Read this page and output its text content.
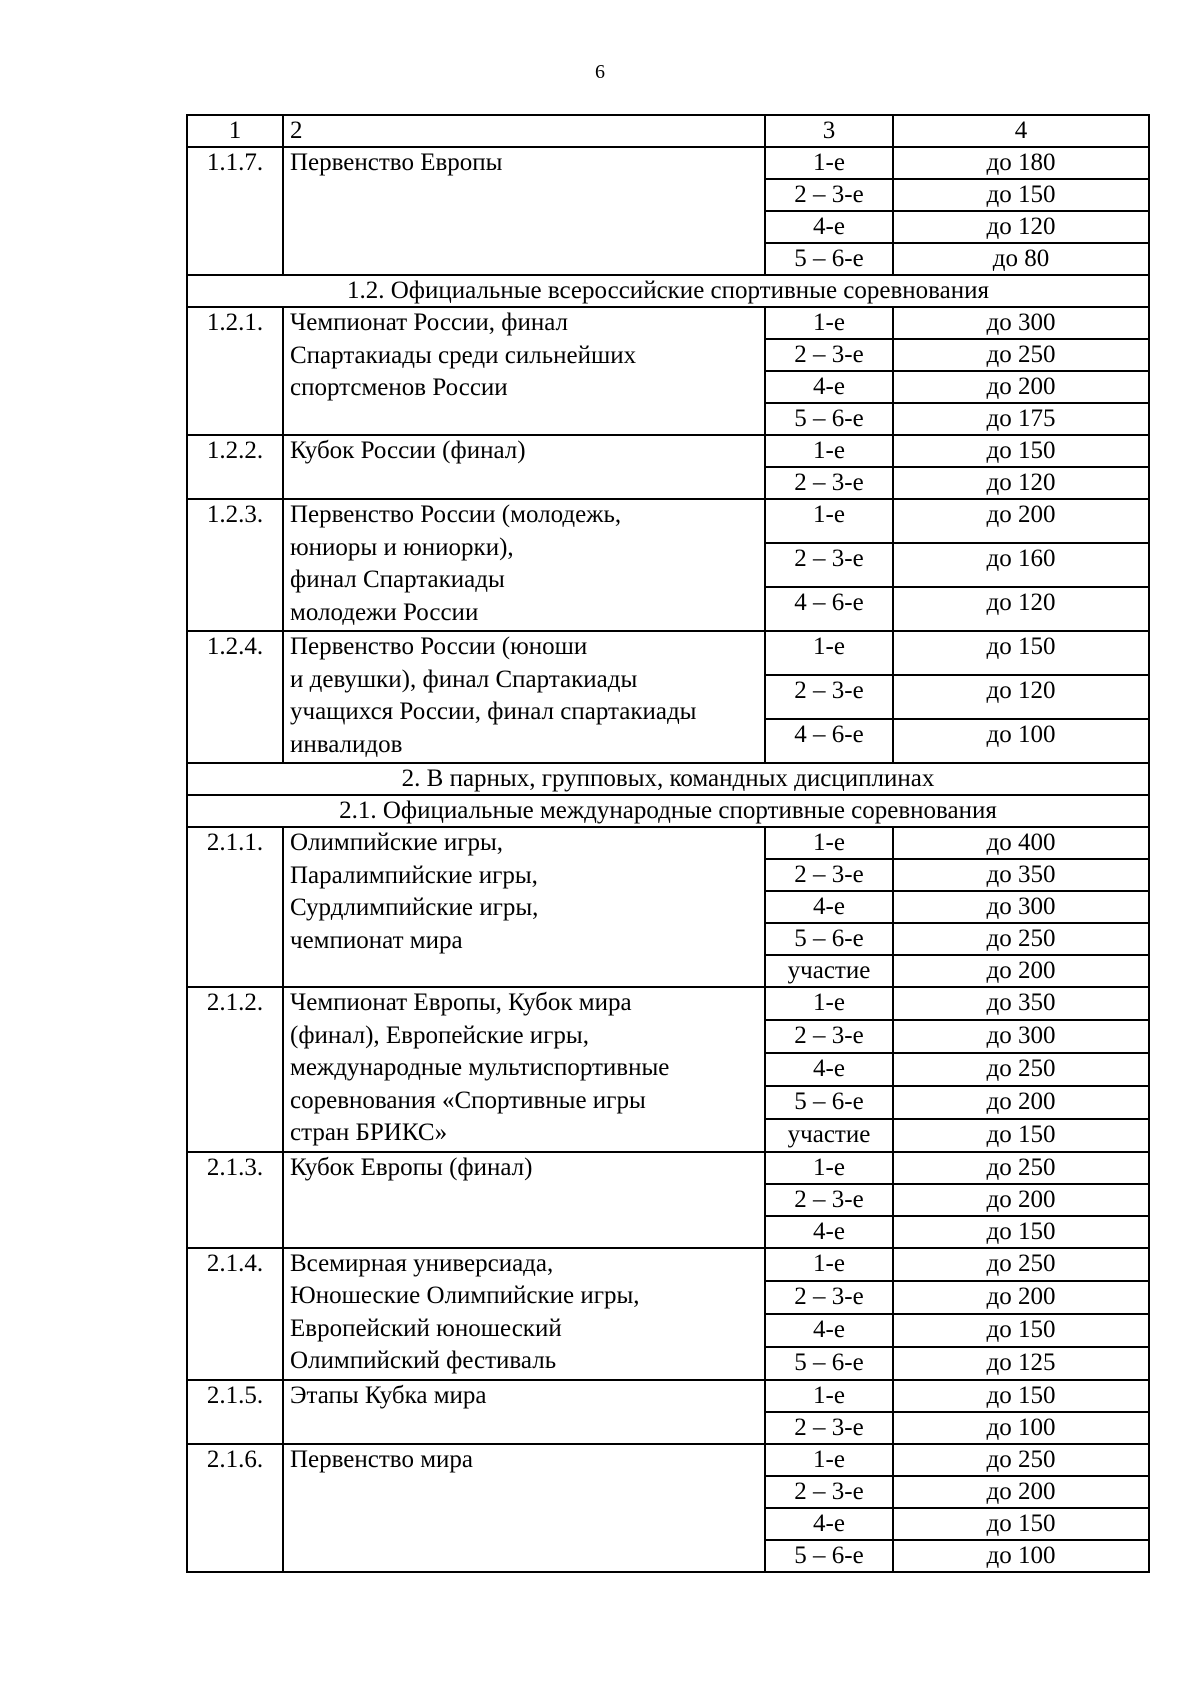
6
1	2	3	4
1.1.7.	Первенство Европы	1-е	до 180
		2 – 3-е	до 150
		4-е	до 120
		5 – 6-е	до 80
1.2. Официальные всероссийские спортивные соревнования			
1.2.1.	Чемпионат России, финал
Спартакиады среди сильнейших
спортсменов России	1-е	до 300
		2 – 3-е	до 250
		4-е	до 200
		5 – 6-е	до 175
1.2.2.	Кубок России (финал)	1-е	до 150
		2 – 3-е	до 120
1.2.3.	Первенство России (молодежь,
юниоры и юниорки),
финал Спартакиады
молодежи России	1-е	до 200
		2 – 3-е	до 160
		4 – 6-е	до 120
1.2.4.	Первенство России (юноши
и девушки), финал Спартакиады
учащихся России, финал спартакиады
инвалидов	1-е	до 150
		2 – 3-е	до 120
		4 – 6-е	до 100
2. В парных, групповых, командных дисциплинах			
2.1. Официальные международные спортивные соревнования			
2.1.1.	Олимпийские игры,
Паралимпийские игры,
Сурдлимпийские игры,
чемпионат мира	1-е	до 400
		2 – 3-е	до 350
		4-е	до 300
		5 – 6-е	до 250
		участие	до 200
2.1.2.	Чемпионат Европы, Кубок мира
(финал), Европейские игры,
международные мультиспортивные
соревнования «Спортивные игры
стран БРИКС»	1-е	до 350
		2 – 3-е	до 300
		4-е	до 250
		5 – 6-е	до 200
		участие	до 150
2.1.3.	Кубок Европы (финал)	1-е	до 250
		2 – 3-е	до 200
		4-е	до 150
2.1.4.	Всемирная универсиада,
Юношеские Олимпийские игры,
Европейский юношеский
Олимпийский фестиваль	1-е	до 250
		2 – 3-е	до 200
		4-е	до 150
		5 – 6-е	до 125
2.1.5.	Этапы Кубка мира	1-е	до 150
		2 – 3-е	до 100
2.1.6.	Первенство мира	1-е	до 250
		2 – 3-е	до 200
		4-е	до 150
		5 – 6-е	до 100
